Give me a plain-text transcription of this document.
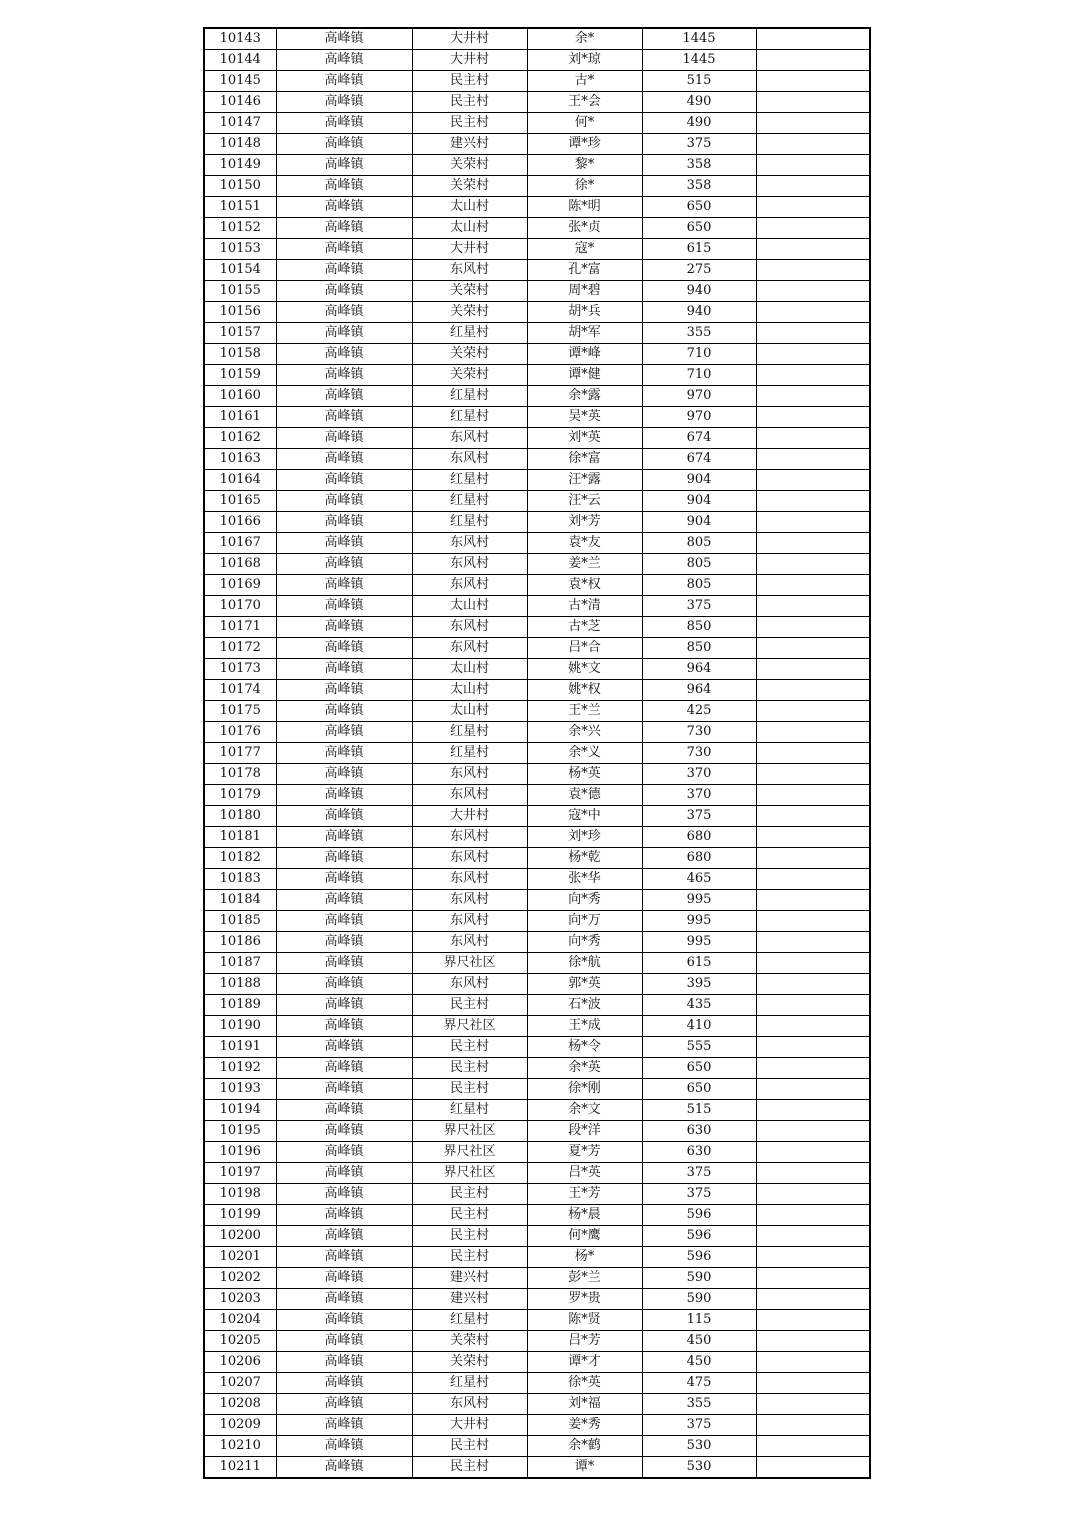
10143	高峰镇	大井村	余*	1445	
10144	高峰镇	大井村	刘*琼	1445	
10145	高峰镇	民主村	古*	515	
10146	高峰镇	民主村	王*会	490	
10147	高峰镇	民主村	何*	490	
10148	高峰镇	建兴村	谭*珍	375	
10149	高峰镇	关荣村	黎*	358	
10150	高峰镇	关荣村	徐*	358	
10151	高峰镇	太山村	陈*明	650	
10152	高峰镇	太山村	张*贞	650	
10153	高峰镇	大井村	寇*	615	
10154	高峰镇	东风村	孔*富	275	
10155	高峰镇	关荣村	周*碧	940	
10156	高峰镇	关荣村	胡*兵	940	
10157	高峰镇	红星村	胡*军	355	
10158	高峰镇	关荣村	谭*峰	710	
10159	高峰镇	关荣村	谭*健	710	
10160	高峰镇	红星村	余*露	970	
10161	高峰镇	红星村	吴*英	970	
10162	高峰镇	东风村	刘*英	674	
10163	高峰镇	东风村	徐*富	674	
10164	高峰镇	红星村	汪*露	904	
10165	高峰镇	红星村	汪*云	904	
10166	高峰镇	红星村	刘*芳	904	
10167	高峰镇	东风村	袁*友	805	
10168	高峰镇	东风村	姜*兰	805	
10169	高峰镇	东风村	袁*权	805	
10170	高峰镇	太山村	古*清	375	
10171	高峰镇	东风村	古*芝	850	
10172	高峰镇	东风村	吕*合	850	
10173	高峰镇	太山村	姚*文	964	
10174	高峰镇	太山村	姚*权	964	
10175	高峰镇	太山村	王*兰	425	
10176	高峰镇	红星村	余*兴	730	
10177	高峰镇	红星村	余*义	730	
10178	高峰镇	东风村	杨*英	370	
10179	高峰镇	东风村	袁*德	370	
10180	高峰镇	大井村	寇*中	375	
10181	高峰镇	东风村	刘*珍	680	
10182	高峰镇	东风村	杨*乾	680	
10183	高峰镇	东风村	张*华	465	
10184	高峰镇	东风村	向*秀	995	
10185	高峰镇	东风村	向*万	995	
10186	高峰镇	东风村	向*秀	995	
10187	高峰镇	界尺社区	徐*航	615	
10188	高峰镇	东风村	郭*英	395	
10189	高峰镇	民主村	石*波	435	
10190	高峰镇	界尺社区	王*成	410	
10191	高峰镇	民主村	杨*令	555	
10192	高峰镇	民主村	余*英	650	
10193	高峰镇	民主村	徐*刚	650	
10194	高峰镇	红星村	余*文	515	
10195	高峰镇	界尺社区	段*洋	630	
10196	高峰镇	界尺社区	夏*芳	630	
10197	高峰镇	界尺社区	吕*英	375	
10198	高峰镇	民主村	王*芳	375	
10199	高峰镇	民主村	杨*晨	596	
10200	高峰镇	民主村	何*鹰	596	
10201	高峰镇	民主村	杨*	596	
10202	高峰镇	建兴村	彭*兰	590	
10203	高峰镇	建兴村	罗*贵	590	
10204	高峰镇	红星村	陈*贤	115	
10205	高峰镇	关荣村	吕*芳	450	
10206	高峰镇	关荣村	谭*才	450	
10207	高峰镇	红星村	徐*英	475	
10208	高峰镇	东风村	刘*福	355	
10209	高峰镇	大井村	姜*秀	375	
10210	高峰镇	民主村	余*鹤	530	
10211	高峰镇	民主村	谭*	530	
